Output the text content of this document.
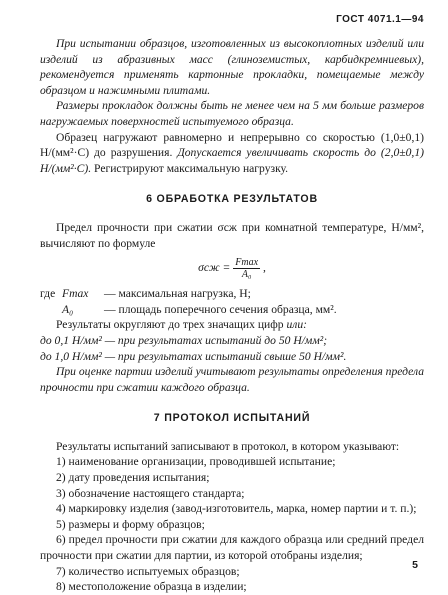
ГОСТ 4071.1—94

При испытании образцов, изготовленных из высокоплотных изделий или изделий из абразивных масс (глиноземистых, карбидкремниевых), рекомендуется применять картонные прокладки, помещаемые между образцом и нажимными плитами.

Размеры прокладок должны быть не менее чем на 5 мм больше размеров нагружаемых поверхностей испытуемого образца.

Образец нагружают равномерно и непрерывно со скоростью (1,0±0,1) Н/(мм²·С) до разрушения. Допускается увеличивать скорость до (2,0±0,1) Н/(мм²·С). Регистрируют максимальную нагрузку.

6 ОБРАБОТКА РЕЗУЛЬТАТОВ

Предел прочности при сжатии σсж при комнатной температуре, Н/мм², вычисляют по формуле

$\sigma сж = \frac{Fmax}{\text{A₀}}$ ,
где Fmax	— максимальная нагрузка, Н;
A₀	— площадь поперечного сечения образца, мм².

Результаты округляют до трех значащих цифр или:

до 0,1 Н/мм² — при результатах испытаний до 50 Н/мм²;

до 1,0 Н/мм² — при результатах испытаний свыше 50 Н/мм².

При оценке партии изделий учитывают результаты определения предела прочности при сжатии каждого образца.

7 ПРОТОКОЛ ИСПЫТАНИЙ

Результаты испытаний записывают в протокол, в котором указывают:

1) наименование организации, проводившей испытание;

2) дату проведения испытания;

3) обозначение настоящего стандарта;

4) маркировку изделия (завод-изготовитель, марка, номер партии и т. п.);

5) размеры и форму образцов;

6) предел прочности при сжатии для каждого образца или средний предел прочности при сжатии для партии, из которой отобраны изделия;

7) количество испытуемых образцов;

8) местоположение образца в изделии;

5
